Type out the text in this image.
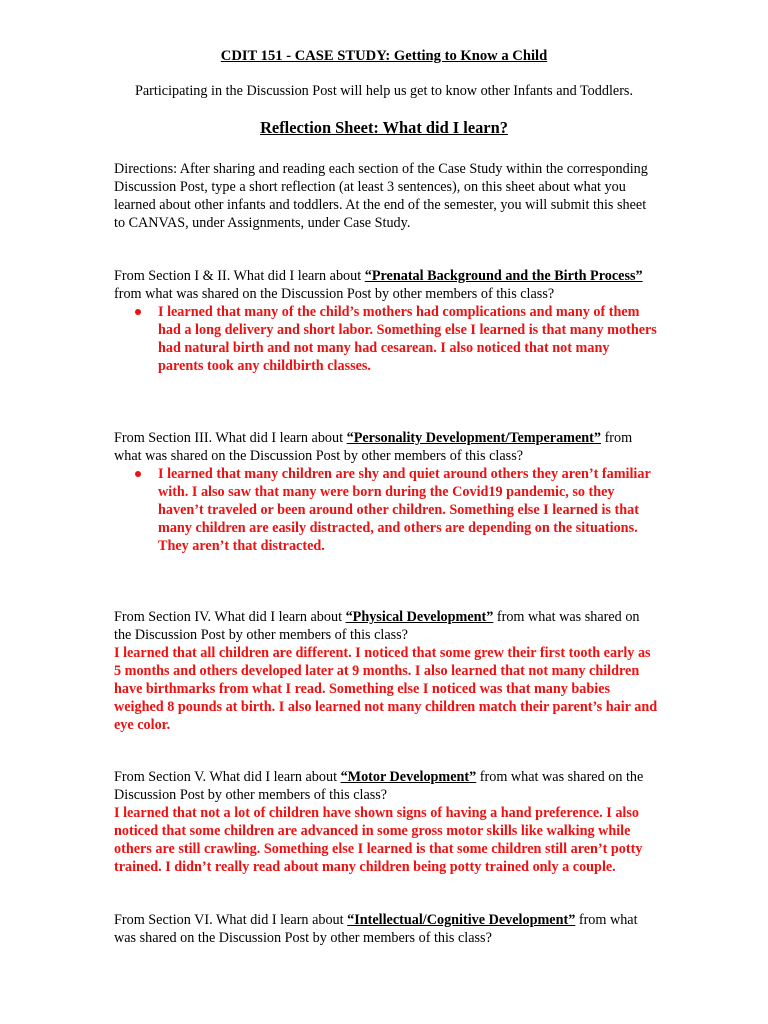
CDIT 151 - CASE STUDY: Getting to Know a Child
Participating in the Discussion Post will help us get to know other Infants and Toddlers.
Reflection Sheet: What did I learn?
Directions: After sharing and reading each section of the Case Study within the corresponding Discussion Post, type a short reflection (at least 3 sentences), on this sheet about what you learned about other infants and toddlers. At the end of the semester, you will submit this sheet to CANVAS, under Assignments, under Case Study.
From Section I & II. What did I learn about “Prenatal Background and the Birth Process” from what was shared on the Discussion Post by other members of this class?
I learned that many of the child’s mothers had complications and many of them had a long delivery and short labor. Something else I learned is that many mothers had natural birth and not many had cesarean. I also noticed that not many parents took any childbirth classes.
From Section III. What did I learn about “Personality Development/Temperament” from what was shared on the Discussion Post by other members of this class?
I learned that many children are shy and quiet around others they aren’t familiar with. I also saw that many were born during the Covid19 pandemic, so they haven’t traveled or been around other children. Something else I learned is that many children are easily distracted, and others are depending on the situations. They aren’t that distracted.
From Section IV. What did I learn about “Physical Development” from what was shared on the Discussion Post by other members of this class?
I learned that all children are different. I noticed that some grew their first tooth early as 5 months and others developed later at 9 months. I also learned that not many children have birthmarks from what I read. Something else I noticed was that many babies weighed 8 pounds at birth. I also learned not many children match their parent’s hair and eye color.
From Section V. What did I learn about “Motor Development” from what was shared on the Discussion Post by other members of this class?
I learned that not a lot of children have shown signs of having a hand preference. I also noticed that some children are advanced in some gross motor skills like walking while others are still crawling. Something else I learned is that some children still aren’t potty trained. I didn’t really read about many children being potty trained only a couple.
From Section VI. What did I learn about “Intellectual/Cognitive Development” from what was shared on the Discussion Post by other members of this class?
